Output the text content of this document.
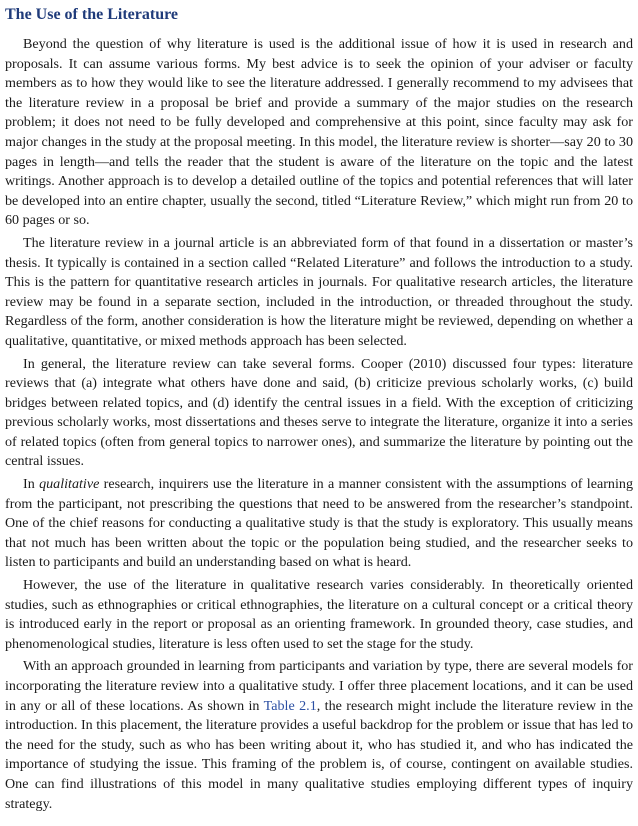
The Use of the Literature

Beyond the question of why literature is used is the additional issue of how it is used in research and proposals. It can assume various forms. My best advice is to seek the opinion of your adviser or faculty members as to how they would like to see the literature addressed. I generally recommend to my advisees that the literature review in a proposal be brief and provide a summary of the major studies on the research problem; it does not need to be fully developed and comprehensive at this point, since faculty may ask for major changes in the study at the proposal meeting. In this model, the literature review is shorter—say 20 to 30 pages in length—and tells the reader that the student is aware of the literature on the topic and the latest writings. Another approach is to develop a detailed outline of the topics and potential references that will later be developed into an entire chapter, usually the second, titled “Literature Review,” which might run from 20 to 60 pages or so.

The literature review in a journal article is an abbreviated form of that found in a dissertation or master’s thesis. It typically is contained in a section called “Related Literature” and follows the introduction to a study. This is the pattern for quantitative research articles in journals. For qualitative research articles, the literature review may be found in a separate section, included in the introduction, or threaded throughout the study. Regardless of the form, another consideration is how the literature might be reviewed, depending on whether a qualitative, quantitative, or mixed methods approach has been selected.

In general, the literature review can take several forms. Cooper (2010) discussed four types: literature reviews that (a) integrate what others have done and said, (b) criticize previous scholarly works, (c) build bridges between related topics, and (d) identify the central issues in a field. With the exception of criticizing previous scholarly works, most dissertations and theses serve to integrate the literature, organize it into a series of related topics (often from general topics to narrower ones), and summarize the literature by pointing out the central issues.

In qualitative research, inquirers use the literature in a manner consistent with the assumptions of learning from the participant, not prescribing the questions that need to be answered from the researcher’s standpoint. One of the chief reasons for conducting a qualitative study is that the study is exploratory. This usually means that not much has been written about the topic or the population being studied, and the researcher seeks to listen to participants and build an understanding based on what is heard.

However, the use of the literature in qualitative research varies considerably. In theoretically oriented studies, such as ethnographies or critical ethnographies, the literature on a cultural concept or a critical theory is introduced early in the report or proposal as an orienting framework. In grounded theory, case studies, and phenomenological studies, literature is less often used to set the stage for the study.

With an approach grounded in learning from participants and variation by type, there are several models for incorporating the literature review into a qualitative study. I offer three placement locations, and it can be used in any or all of these locations. As shown in Table 2.1, the research might include the literature review in the introduction. In this placement, the literature provides a useful backdrop for the problem or issue that has led to the need for the study, such as who has been writing about it, who has studied it, and who has indicated the importance of studying the issue. This framing of the problem is, of course, contingent on available studies. One can find illustrations of this model in many qualitative studies employing different types of inquiry strategy.
